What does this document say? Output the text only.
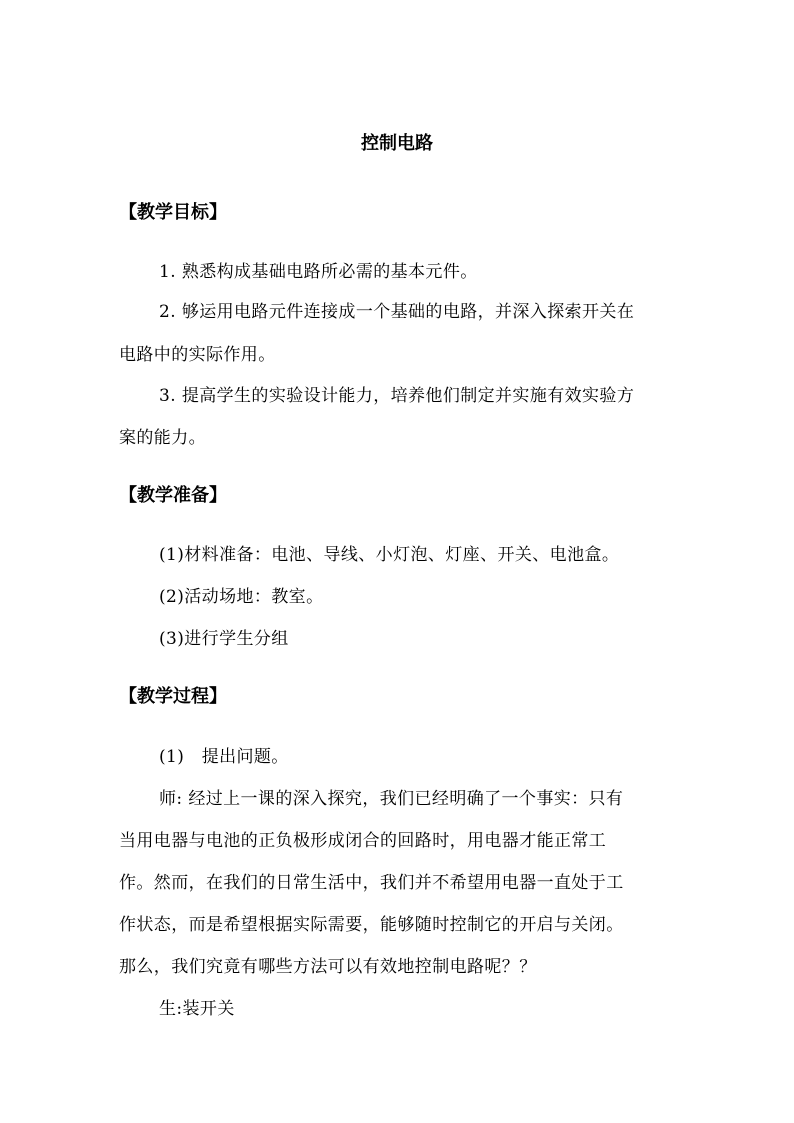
控制电路
【教学目标】
1. 熟悉构成基础电路所必需的基本元件。
2. 够运用电路元件连接成一个基础的电路，并深入探索开关在
电路中的实际作用。
3. 提高学生的实验设计能力，培养他们制定并实施有效实验方
案的能力。
【教学准备】
(1)材料准备：电池、导线、小灯泡、灯座、开关、电池盒。
(2)活动场地：教室。
(3)进行学生分组
【教学过程】
(1)   提出问题。
师: 经过上一课的深入探究，我们已经明确了一个事实：只有
当用电器与电池的正负极形成闭合的回路时，用电器才能正常工
作。然而，在我们的日常生活中，我们并不希望用电器一直处于工
作状态，而是希望根据实际需要，能够随时控制它的开启与关闭。
那么，我们究竟有哪些方法可以有效地控制电路呢？？
生:装开关
